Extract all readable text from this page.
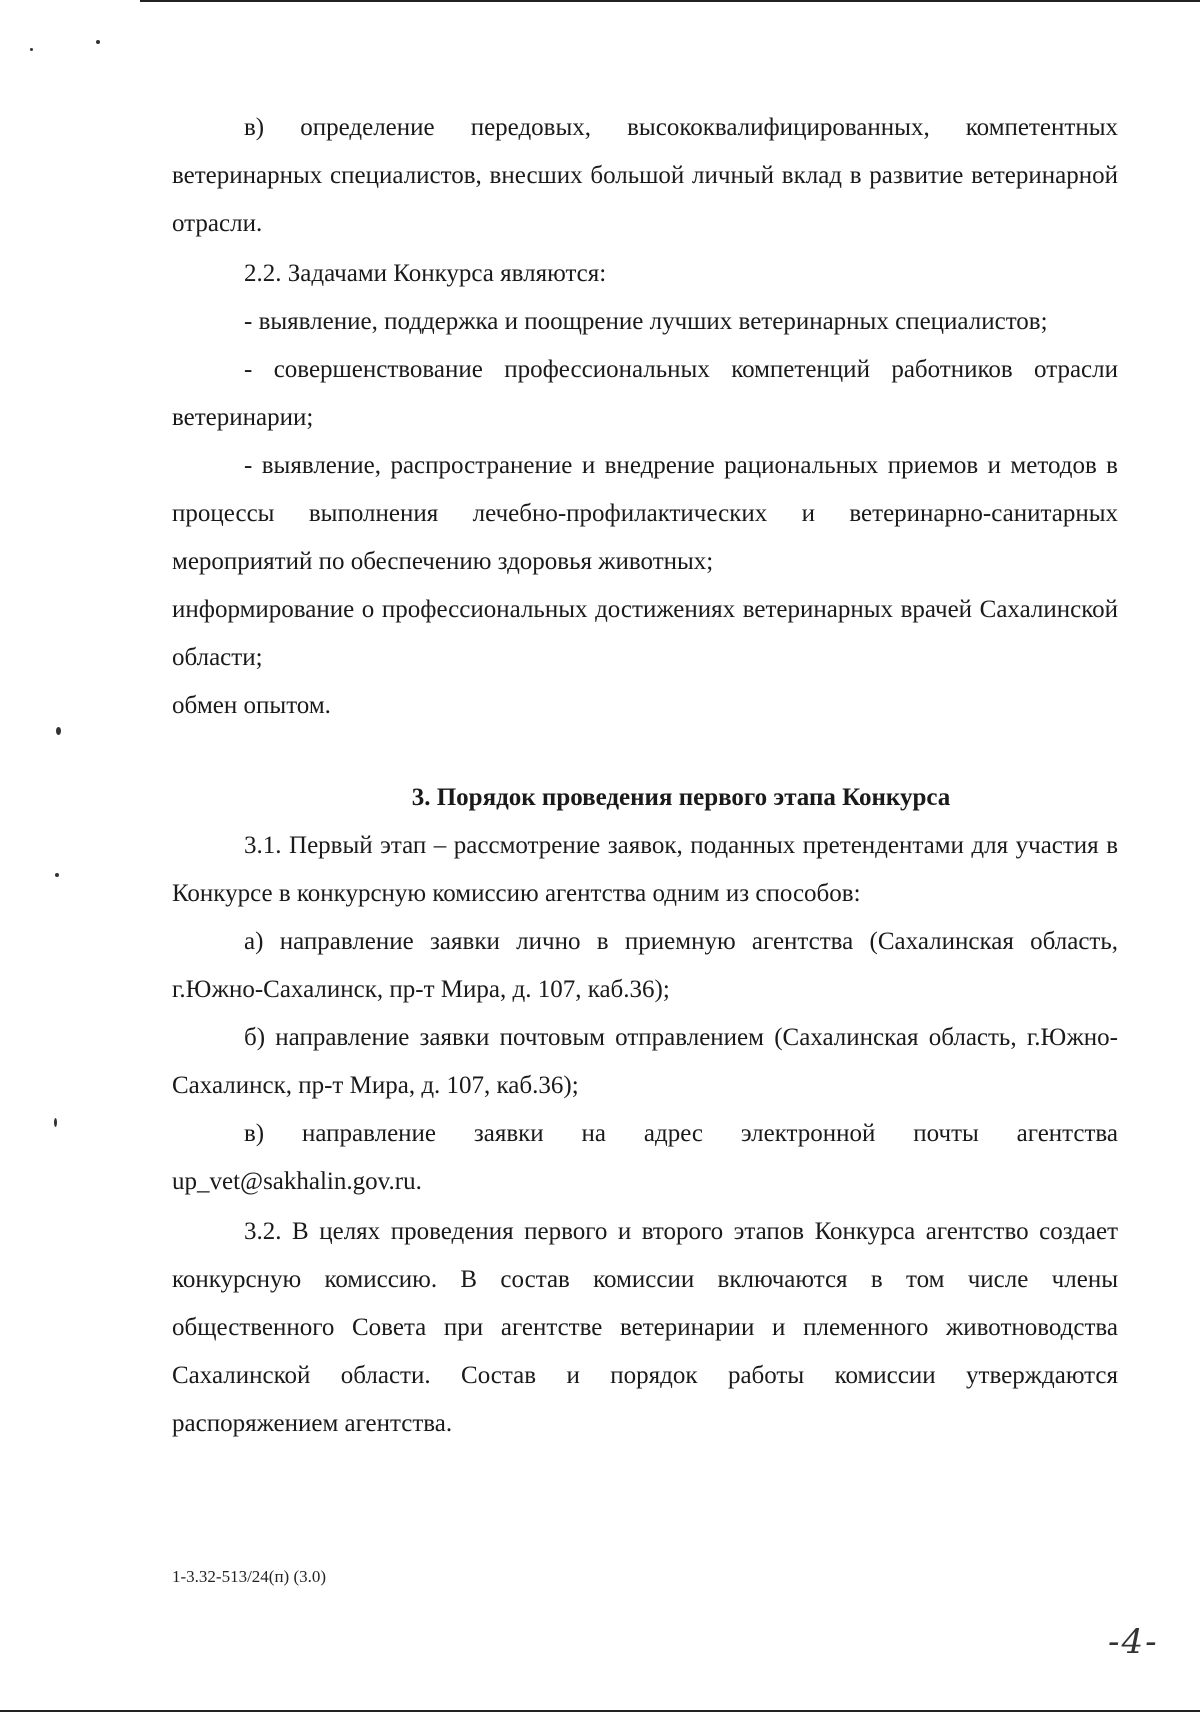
в) определение передовых, высококвалифицированных, компетентных ветеринарных специалистов, внесших большой личный вклад в развитие ветеринарной отрасли.

2.2. Задачами Конкурса являются:

- выявление, поддержка и поощрение лучших ветеринарных специалистов;

- совершенствование профессиональных компетенций работников отрасли ветеринарии;

- выявление, распространение и внедрение рациональных приемов и методов в процессы выполнения лечебно-профилактических и ветеринарно-санитарных мероприятий по обеспечению здоровья животных;

информирование о профессиональных достижениях ветеринарных врачей Сахалинской области;

обмен опытом.

3. Порядок проведения первого этапа Конкурса

3.1. Первый этап – рассмотрение заявок, поданных претендентами для участия в Конкурсе в конкурсную комиссию агентства одним из способов:

а) направление заявки лично в приемную агентства (Сахалинская область, г.Южно-Сахалинск, пр-т Мира, д. 107, каб.36);

б) направление заявки почтовым отправлением (Сахалинская область, г.Южно-Сахалинск, пр-т Мира, д. 107, каб.36);

в) направление заявки на адрес электронной почты агентства up_vet@sakhalin.gov.ru.

3.2. В целях проведения первого и второго этапов Конкурса агентство создает конкурсную комиссию. В состав комиссии включаются в том числе члены общественного Совета при агентстве ветеринарии и племенного животноводства Сахалинской области. Состав и порядок работы комиссии утверждаются распоряжением агентства.

1-3.32-513/24(п) (3.0)
-4-
